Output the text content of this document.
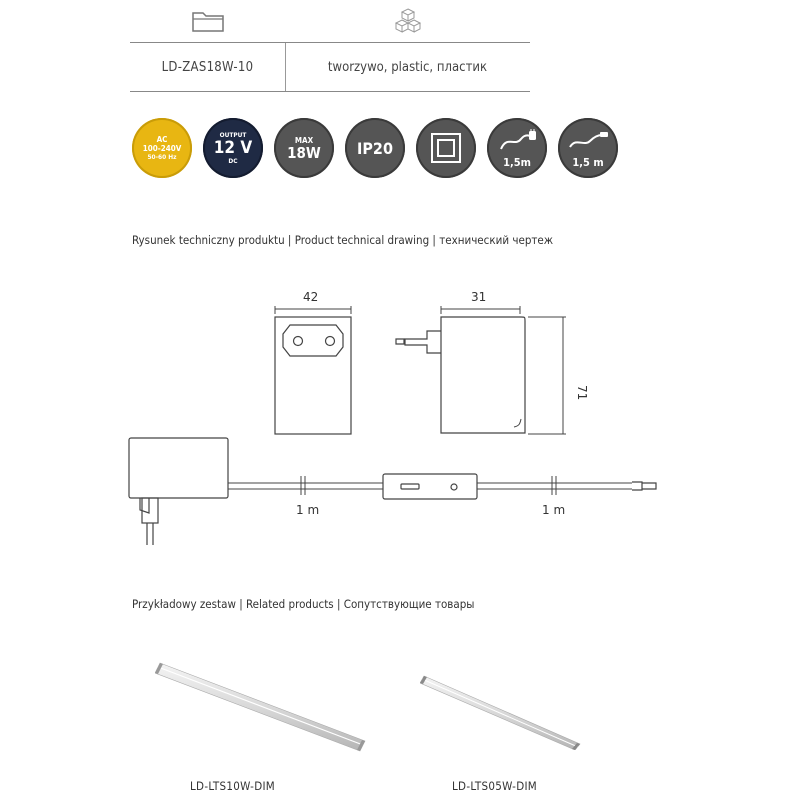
LD-ZAS18W-10	tworzywo, plastic, пластик
AC
100-240V
50-60 Hz
OUTPUT
12 V
DC
MAX
18W IP20
1,5m	1,5 m
Rysunek techniczny produktu | Product technical drawing | технический чертеж
42	31
71
1 m	1 m
Przykładowy zestaw | Related products | Сопутствующие товары
LD-LTS10W-DIM	LD-LTS05W-DIM
